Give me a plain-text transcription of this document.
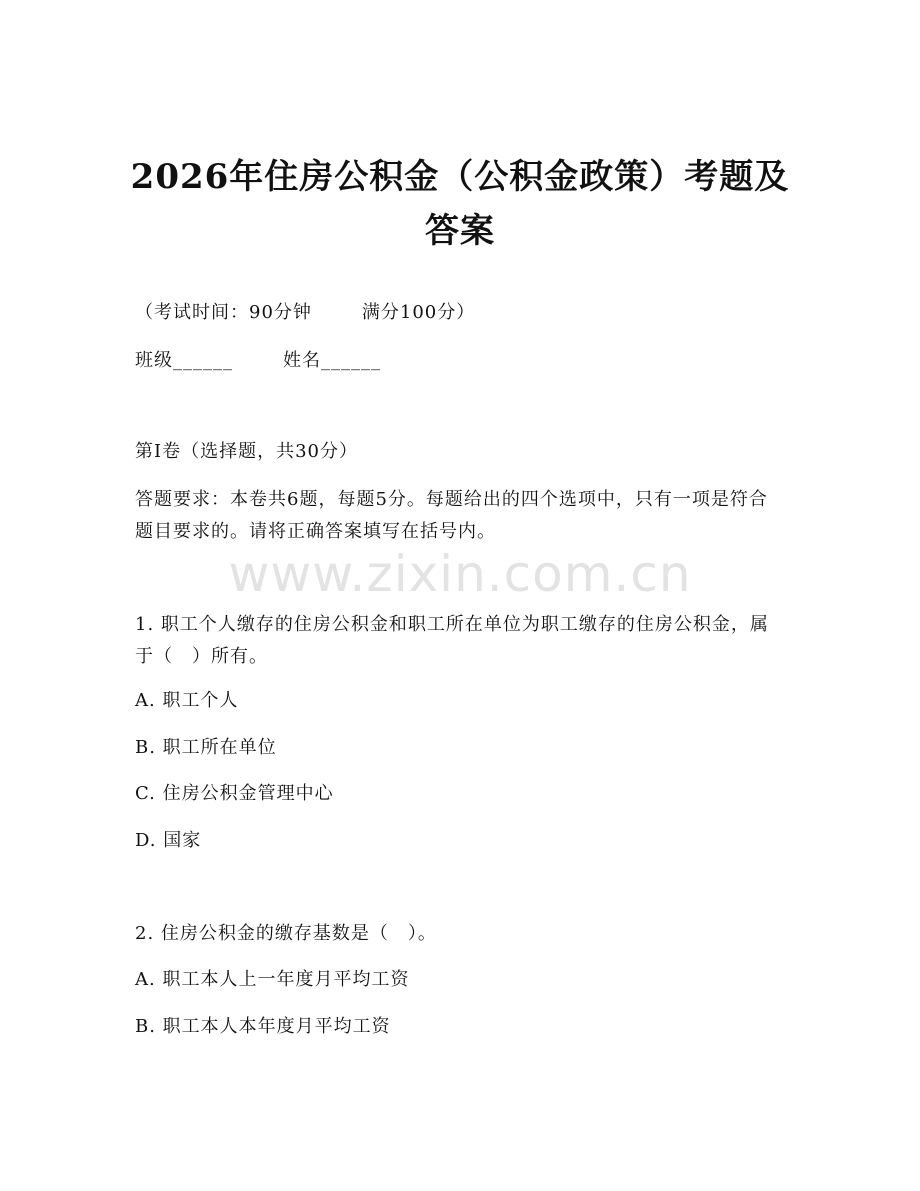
2026年住房公积金（公积金政策）考题及答案
（考试时间：90分钟	满分100分）
班级______	姓名______
第Ⅰ卷（选择题，共30分）
答题要求：本卷共6题，每题5分。每题给出的四个选项中，只有一项是符合题目要求的。请将正确答案填写在括号内。
www.zixin.com.cn
1. 职工个人缴存的住房公积金和职工所在单位为职工缴存的住房公积金，属于（　）所有。
A. 职工个人
B. 职工所在单位
C. 住房公积金管理中心
D. 国家
2. 住房公积金的缴存基数是（　）。
A. 职工本人上一年度月平均工资
B. 职工本人本年度月平均工资
